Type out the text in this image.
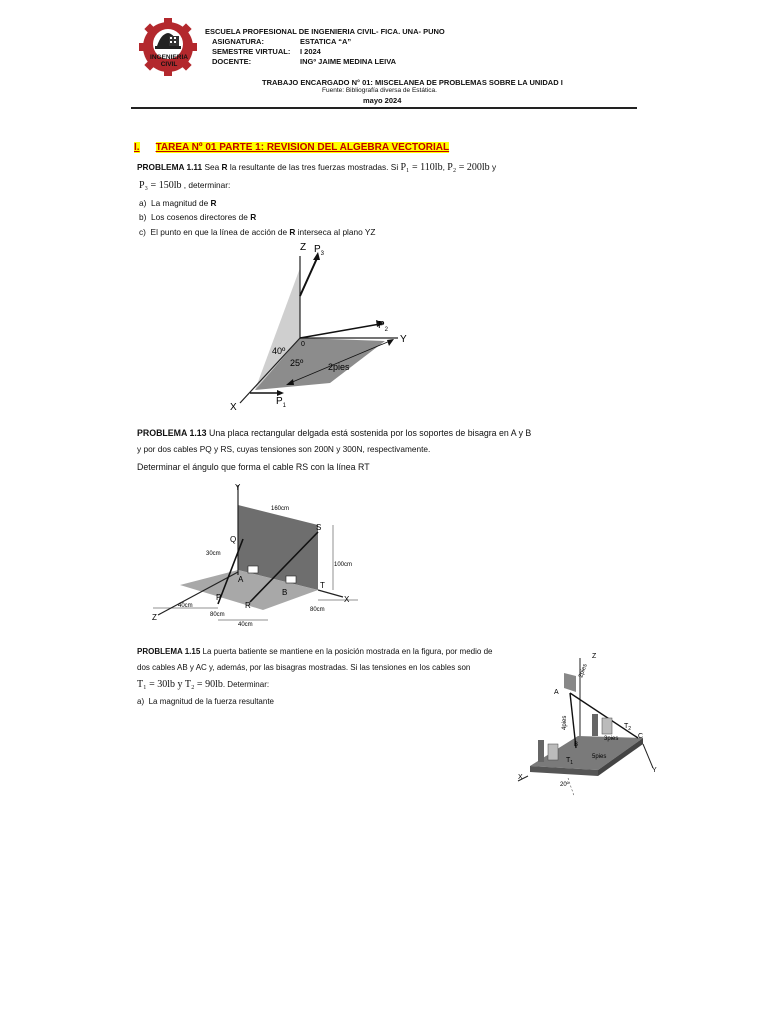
INGENIERIA
CIVIL
ESCUELA PROFESIONAL DE INGENIERIA CIVIL- FICA. UNA- PUNO
ASIGNATURA:	ESTATICA “A”
SEMESTRE VIRTUAL: I 2024
DOCENTE:	INGº JAIME MEDINA LEIVA
TRABAJO ENCARGADO N° 01: MISCELANEA DE PROBLEMAS SOBRE LA UNIDAD I
Fuente: Bibliografía diversa de Estática.
mayo 2024
I. TAREA Nº 01 PARTE 1: REVISION DEL ALGEBRA VECTORIAL
PROBLEMA 1.11 Sea R la resultante de las tres fuerzas mostradas. Si P₁ = 110lb, P₂ = 200lb y
P₃ = 150lb , determinar:
a) La magnitud de R
b) Los cosenos directores de R
c) El punto en que la línea de acción de R interseca al plano YZ
Z $P_3$
$P_2$
Y
0
40º
25º	2pies
X
$P_1$
PROBLEMA 1.13 Una placa rectangular delgada está sostenida por los soportes de bisagra en A y B
y por dos cables PQ y RS, cuyas tensiones son 200N y 300N, respectivamente.
Determinar el ángulo que forma el cable RS con la línea RT
Y
160cm
Q
S
30cm
100cm
A
T
B
X
P
R
40cm
80cm
80cm
Z
40cm
PROBLEMA 1.15 La puerta batiente se mantiene en la posición mostrada en la figura, por medio de
dos cables AB y AC y, además, por las bisagras mostradas. Si las tensiones en los cables son
T₁ = 30lb y T₂ = 90lb. Determinar:
a) La magnitud de la fuerza resultante
Z
2pies
A
4pies	$T_2$
C
3pies
5pies
B
$T_1$
Y
X
20º
